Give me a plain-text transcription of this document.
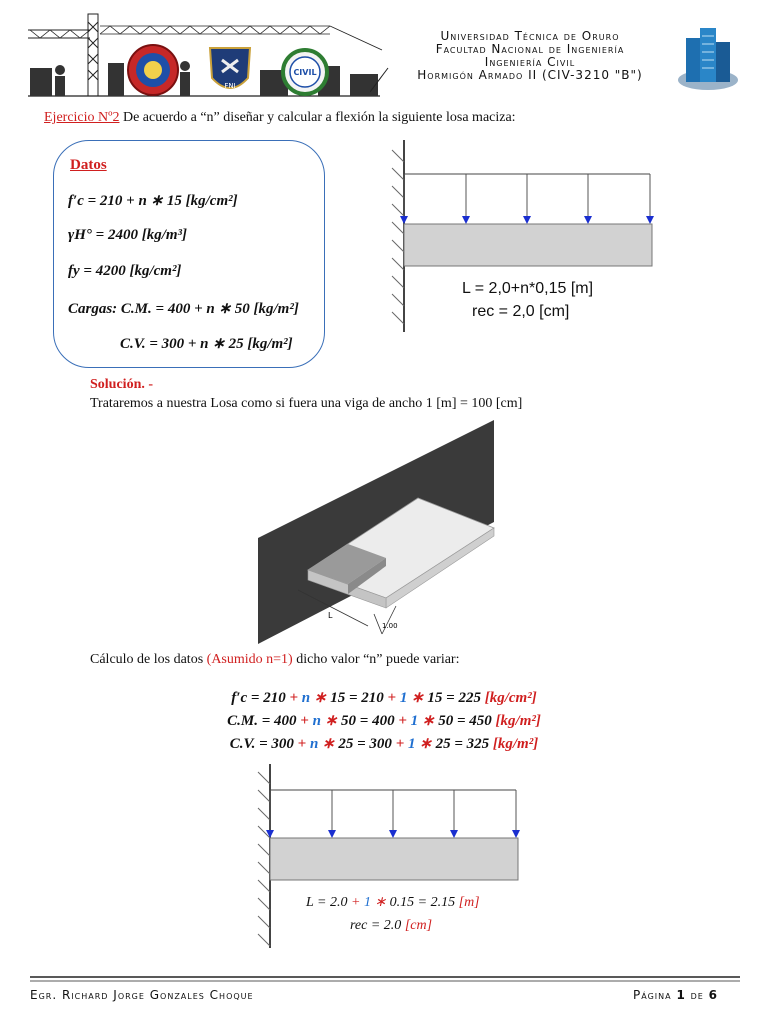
FNI
CIVIL
Universidad Técnica de Oruro
Facultad Nacional de Ingeniería
Ingeniería Civil
Hormigón Armado II (CIV-3210 "B")
Ejercicio Nº2 De acuerdo a “n” diseñar y calcular a flexión la siguiente losa maciza:
Datos
f′c = 210 + n ∗ 15 [kg/cm²]
γH° = 2400 [kg/m³]
fy = 4200 [kg/cm²]
Cargas: C.M. = 400 + n ∗ 50 [kg/m²]
C.V. = 300 + n ∗ 25 [kg/m²]
L = 2,0+n*0,15 [m]
rec = 2,0 [cm]
Solución. -
Trataremos a nuestra Losa como si fuera una viga de ancho 1 [m] = 100 [cm]
L
1.00
Cálculo de los datos (Asumido n=1) dicho valor “n” puede variar:
f′c = 210 + n ∗ 15 = 210 + 1 ∗ 15 = 225 [kg/cm²]
C.M. = 400 + n ∗ 50 = 400 + 1 ∗ 50 = 450 [kg/m²]
C.V. = 300 + n ∗ 25 = 300 + 1 ∗ 25 = 325 [kg/m²]
L = 2.0 + 1 ∗ 0.15 = 2.15 [m]
rec = 2.0 [cm]
Egr. Richard Jorge Gonzales Choque	Página 1 de 6
